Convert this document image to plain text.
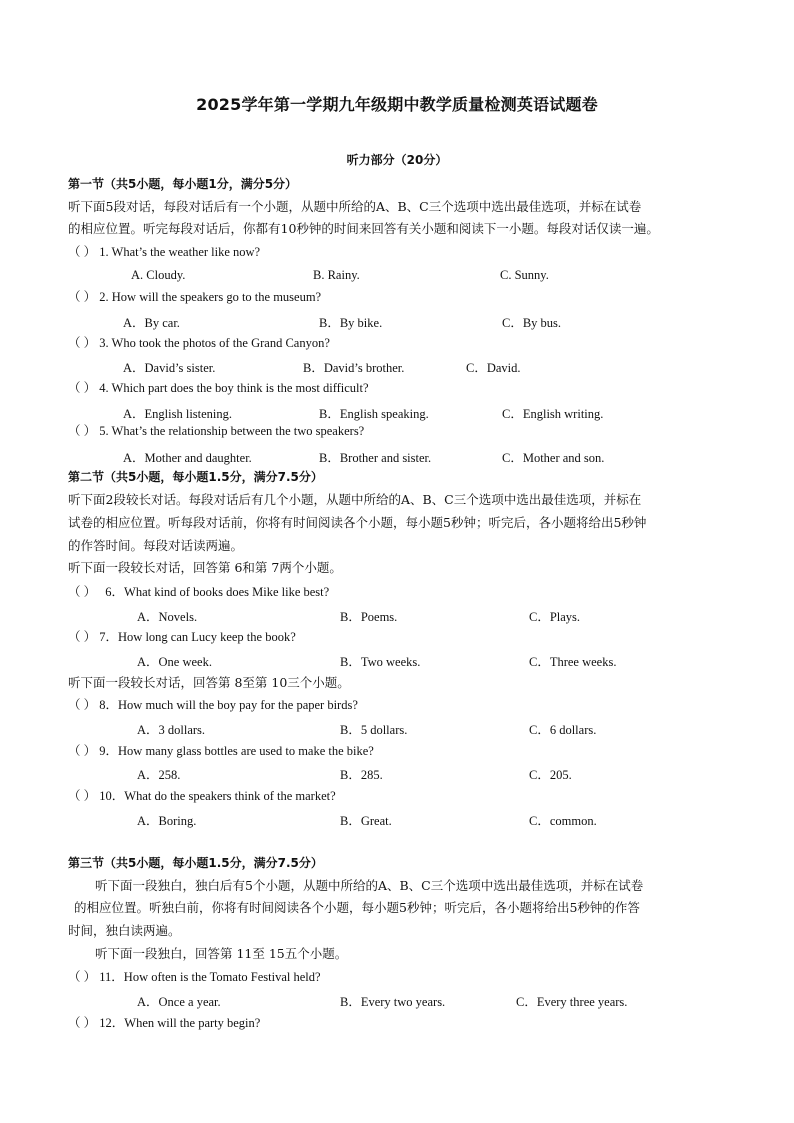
2025学年第一学期九年级期中教学质量检测英语试题卷
听力部分（20分）
第一节（共5小题，每小题1分，满分5分）
听下面5段对话，每段对话后有一个小题，从题中所给的A、B、C三个选项中选出最佳选项，并标在试卷
的相应位置。听完每段对话后，你都有10秒钟的时间来回答有关小题和阅读下一小题。每段对话仅读一遍。
（ ） 1. What’s the weather like now?
A. Cloudy.	B. Rainy.	C. Sunny.
（ ） 2. How will the speakers go to the museum?
A．By car.	B．By bike.	C．By bus.
（ ） 3. Who took the photos of the Grand Canyon?
A．David’s sister.	B．David’s brother.	C．David.
（ ） 4. Which part does the boy think is the most difficult?
A．English listening.	B．English speaking.	C．English writing.
（ ） 5. What’s the relationship between the two speakers?
A．Mother and daughter.	B．Brother and sister.	C．Mother and son.
第二节（共5小题，每小题1.5分，满分7.5分）
听下面2段较长对话。每段对话后有几个小题，从题中所给的A、B、C三个选项中选出最佳选项，并标在
试卷的相应位置。听每段对话前，你将有时间阅读各个小题，每小题5秒钟；听完后，各小题将给出5秒钟
的作答时间。每段对话读两遍。
听下面一段较长对话，回答第 6和第 7两个小题。
（ ） 6．What kind of books does Mike like best?
A．Novels.	B．Poems.	C．Plays.
（ ） 7．How long can Lucy keep the book?
A．One week.	B．Two weeks.	C．Three weeks.
听下面一段较长对话，回答第 8至第 10三个小题。
（ ） 8．How much will the boy pay for the paper birds?
A．3 dollars.	B．5 dollars.	C．6 dollars.
（ ） 9．How many glass bottles are used to make the bike?
A．258.	B．285.	C．205.
（ ） 10．What do the speakers think of the market?
A．Boring.	B．Great.	C．common.
第三节（共5小题，每小题1.5分，满分7.5分）
听下面一段独白，独白后有5个小题，从题中所给的A、B、C三个选项中选出最佳选项，并标在试卷
的相应位置。听独白前，你将有时间阅读各个小题，每小题5秒钟；听完后，各小题将给出5秒钟的作答
时间，独白读两遍。
听下面一段独白，回答第 11至 15五个小题。
（ ） 11．How often is the Tomato Festival held?
A．Once a year.	B．Every two years.	C．Every three years.
（ ） 12．When will the party begin?
